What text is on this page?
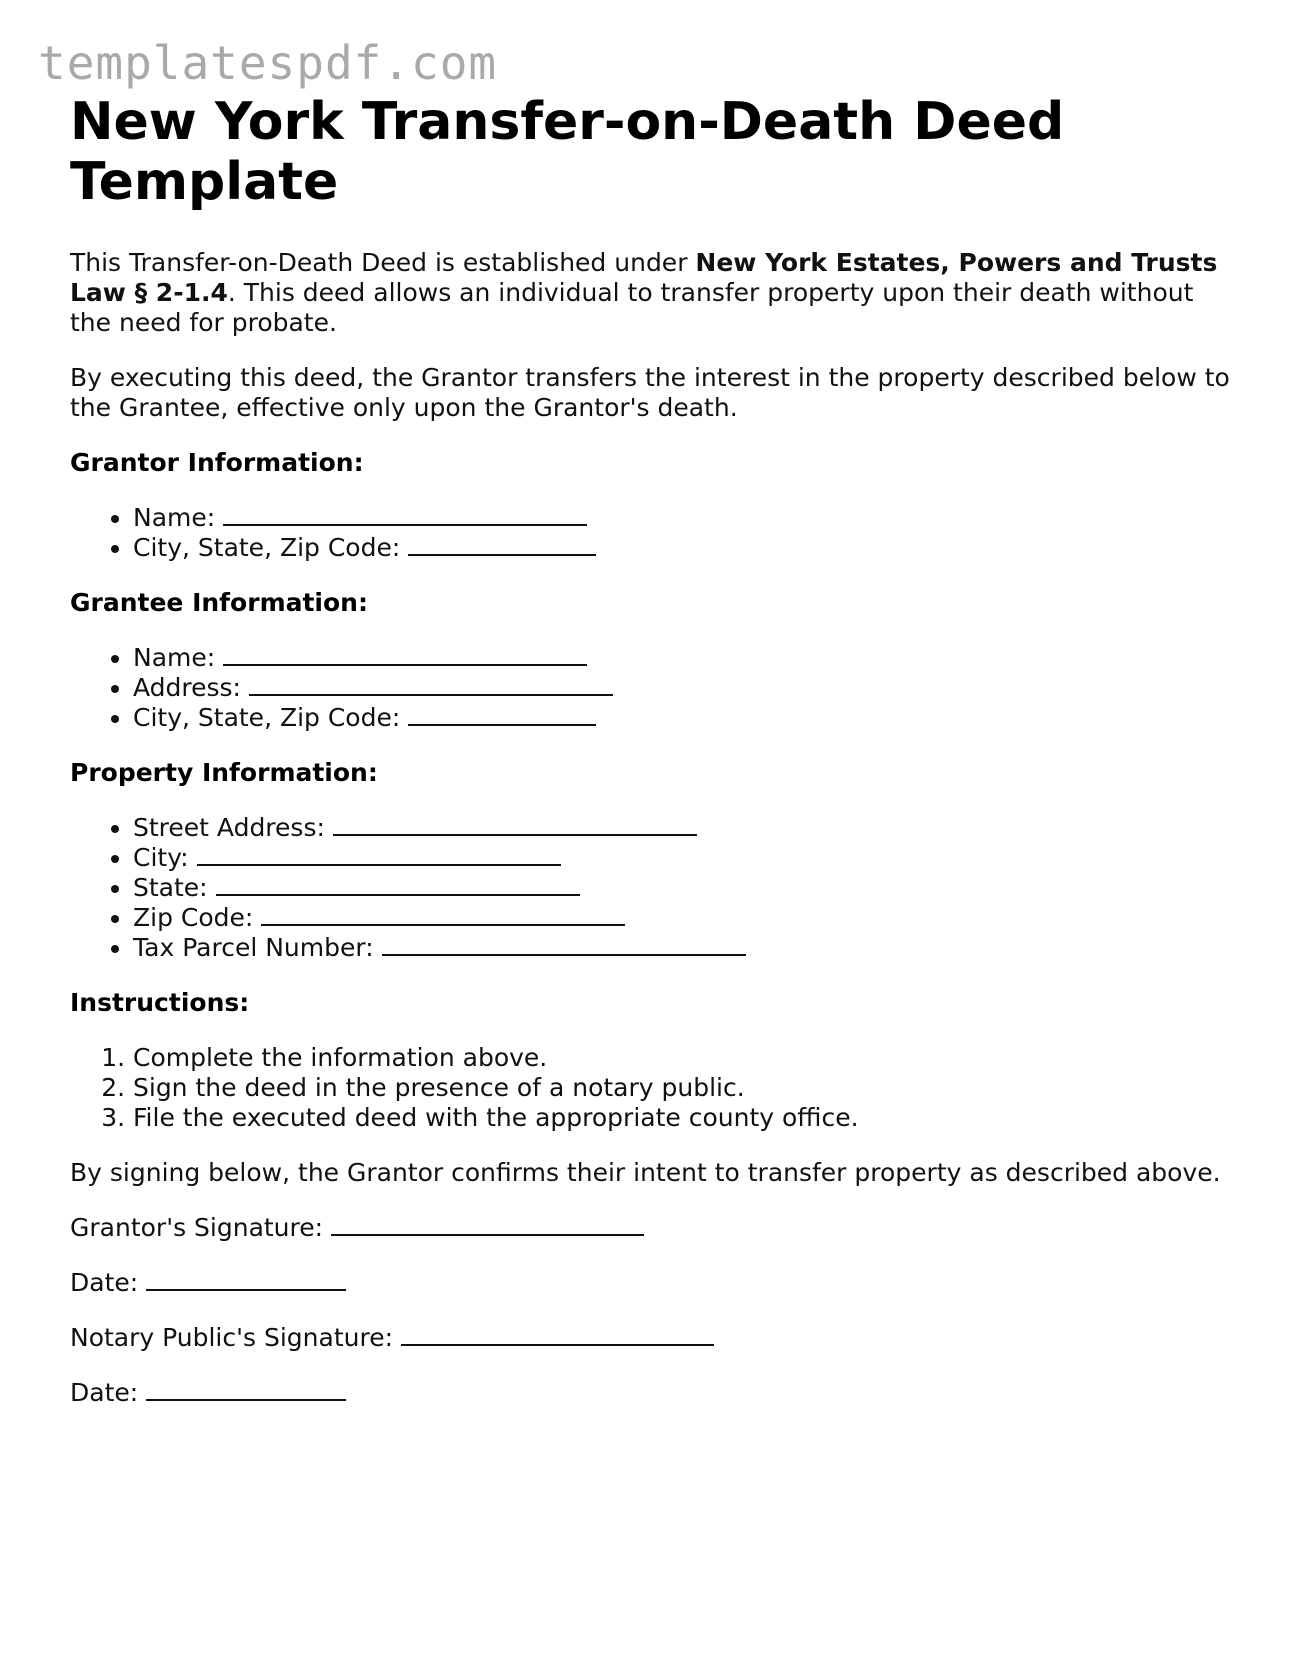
templatespdf.com
New York Transfer-on-Death Deed Template

This Transfer-on-Death Deed is established under New York Estates, Powers and Trusts Law § 2-1.4. This deed allows an individual to transfer property upon their death without the need for probate.

By executing this deed, the Grantor transfers the interest in the property described below to the Grantee, effective only upon the Grantor's death.

Grantor Information:
• Name:
• City, State, Zip Code:
Grantee Information:
• Name:
• Address:
• City, State, Zip Code:
Property Information:
• Street Address:
• City:
• State:
• Zip Code:
• Tax Parcel Number:
Instructions:
1. Complete the information above.
2. Sign the deed in the presence of a notary public.
3. File the executed deed with the appropriate county office.

By signing below, the Grantor confirms their intent to transfer property as described above.

Grantor's Signature:

Date:

Notary Public's Signature:

Date:
